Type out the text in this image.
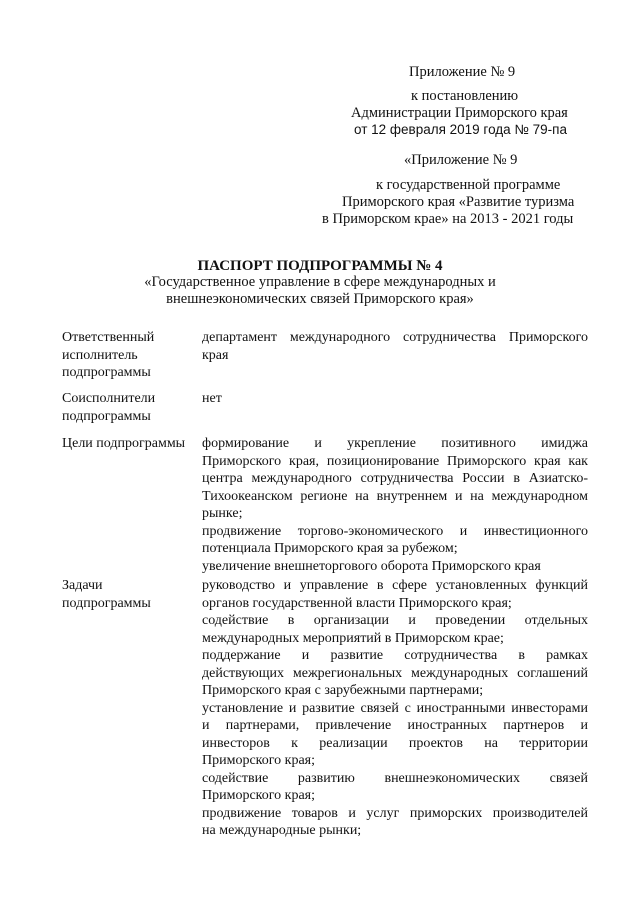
Приложение № 9
к постановлению
Администрации Приморского края
от 12 февраля 2019 года № 79-па
«Приложение № 9
к государственной программе
Приморского края «Развитие туризма
в Приморском крае» на 2013 - 2021 годы
ПАСПОРТ ПОДПРОГРАММЫ № 4
«Государственное управление в сфере международных и
внешнеэкономических связей Приморского края»
Ответственный
исполнитель
подпрограммы
департамент международного сотрудничества Приморского
края
Соисполнители
подпрограммы
нет
Цели подпрограммы	формирование и укрепление позитивного имиджа
Приморского края, позиционирование Приморского края как
центра международного сотрудничества России в Азиатско-
Тихоокеанском регионе на внутреннем и на международном
рынке;
продвижение торгово-экономического и инвестиционного
потенциала Приморского края за рубежом;
увеличение внешнеторгового оборота Приморского края
Задачи
подпрограммы
руководство и управление в сфере установленных функций
органов государственной власти Приморского края;
содействие в организации и проведении отдельных
международных мероприятий в Приморском крае;
поддержание и развитие сотрудничества в рамках
действующих межрегиональных международных соглашений
Приморского края с зарубежными партнерами;
установление и развитие связей с иностранными инвесторами
и партнерами, привлечение иностранных партнеров и
инвесторов к реализации проектов на территории
Приморского края;
содействие развитию внешнеэкономических связей
Приморского края;
продвижение товаров и услуг приморских производителей
на международные рынки;
